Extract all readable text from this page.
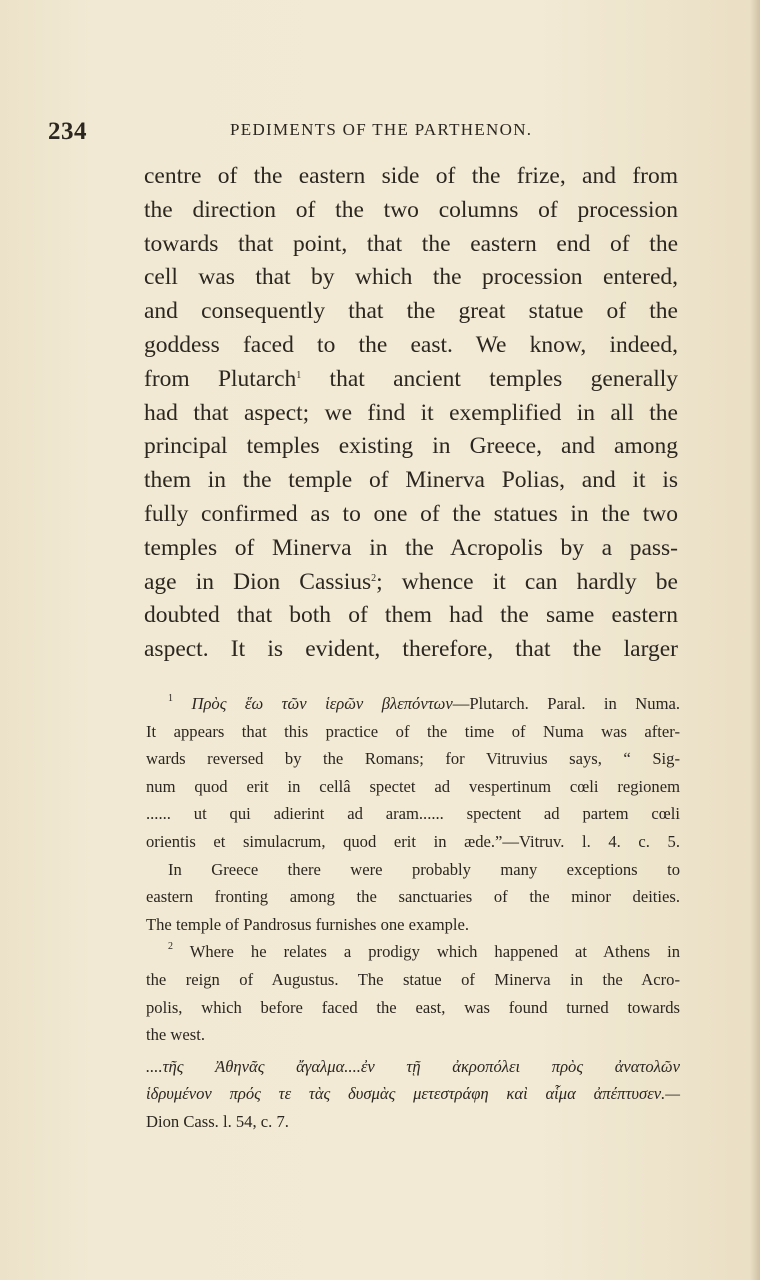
234	PEDIMENTS OF THE PARTHENON.
centre of the eastern side of the frize, and from
the direction of the two columns of procession
towards that point, that the eastern end of the
cell was that by which the procession entered,
and consequently that the great statue of the
goddess faced to the east. We know, indeed,
from Plutarch$^1$ that ancient temples generally
had that aspect; we find it exemplified in all the
principal temples existing in Greece, and among
them in the temple of Minerva Polias, and it is
fully confirmed as to one of the statues in the two
temples of Minerva in the Acropolis by a pass-
age in Dion Cassius$^2$; whence it can hardly be
doubted that both of them had the same eastern
aspect. It is evident, therefore, that the larger
$^1$ Πρὸς ἕω τῶν ἱερῶν βλεπόντων—Plutarch. Paral. in Numa.
It appears that this practice of the time of Numa was after-
wards reversed by the Romans; for Vitruvius says, “ Sig-
num quod erit in cellâ spectet ad vespertinum cœli regionem
...... ut qui adierint ad aram...... spectent ad partem cœli
orientis et simulacrum, quod erit in æde.”—Vitruv. l. 4. c. 5.
In Greece there were probably many exceptions to
eastern fronting among the sanctuaries of the minor deities.
The temple of Pandrosus furnishes one example.
$^2$ Where he relates a prodigy which happened at Athens in
the reign of Augustus. The statue of Minerva in the Acro-
polis, which before faced the east, was found turned towards
the west.
....τῆς Ἀθηνᾶς ἄγαλμα....ἐν τῇ ἀκροπόλει πρὸς ἀνατολῶν
ἱδρυμένον πρός τε τὰς δυσμὰς μετεστράφη καὶ αἷμα ἀπέπτυσεν.—
Dion Cass. l. 54, c. 7.
